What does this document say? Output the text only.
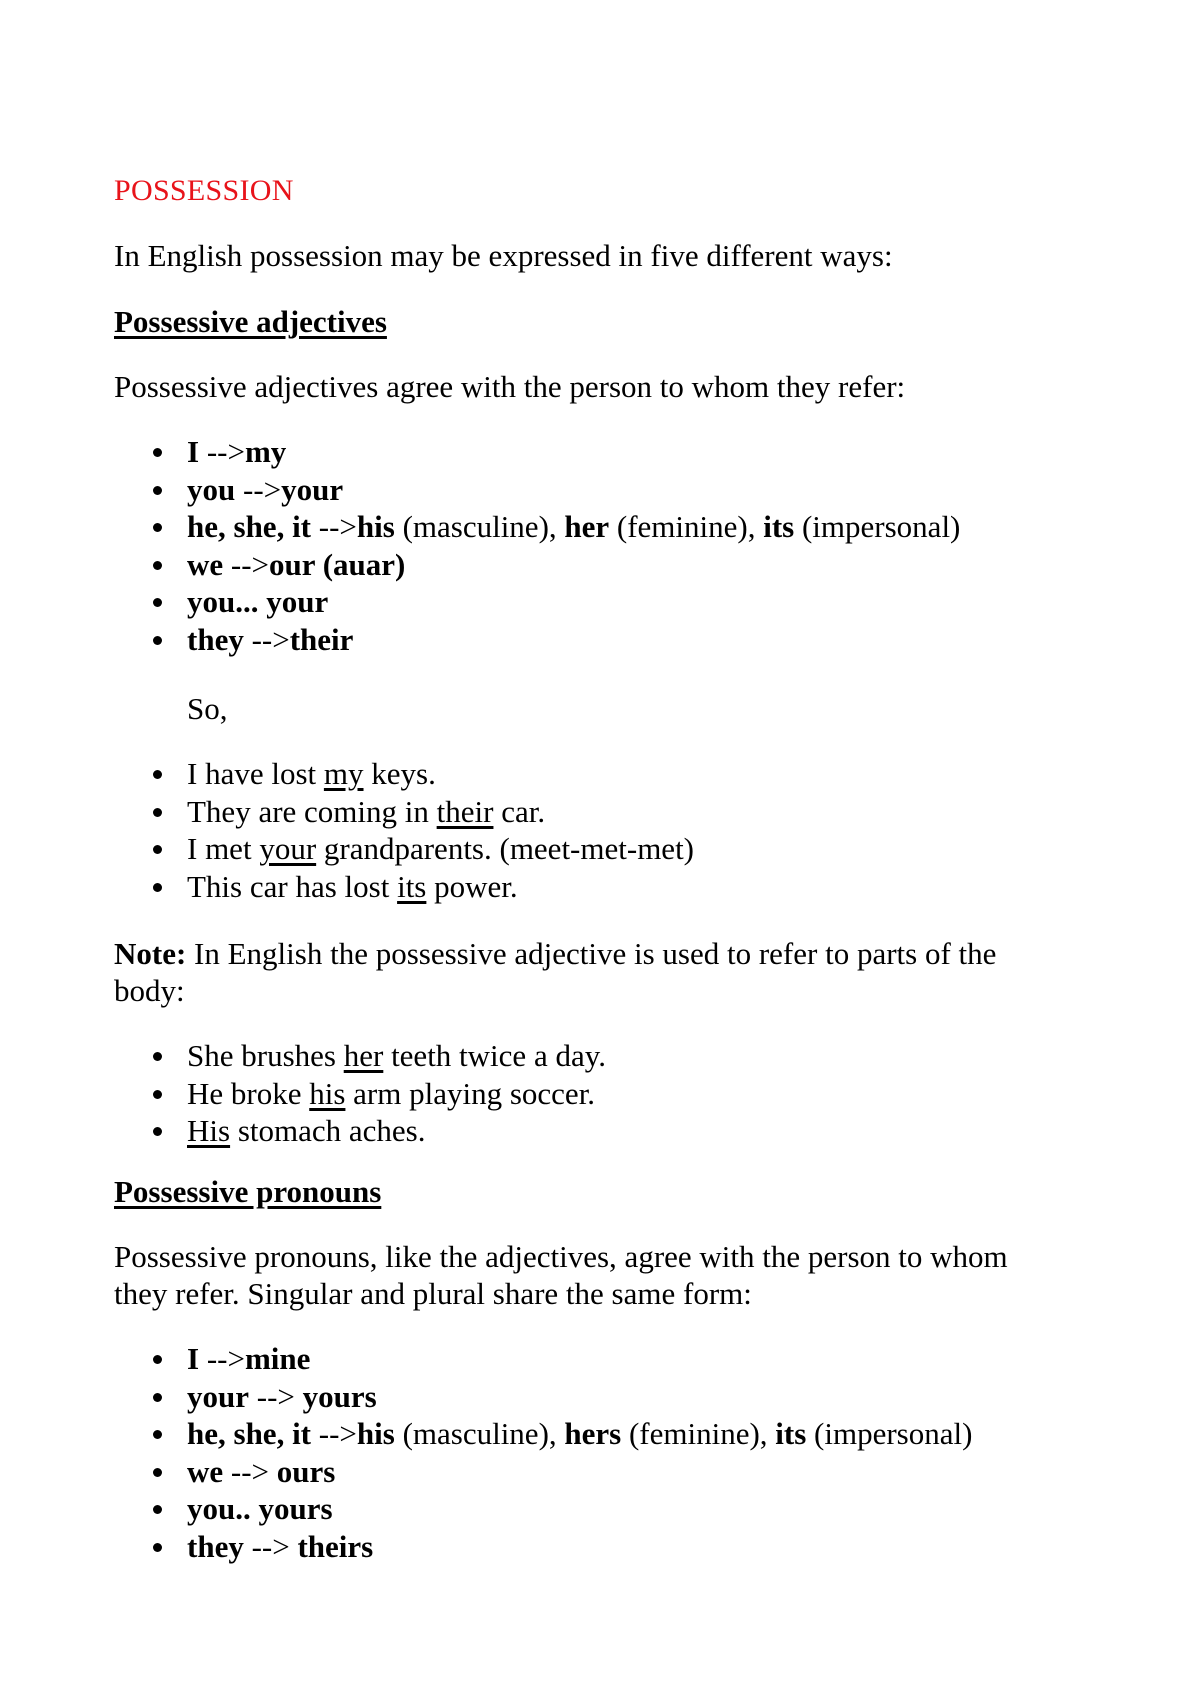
POSSESSION

In English possession may be expressed in five different ways:

Possessive adjectives

Possessive adjectives agree with the person to whom they refer:

I -->my
you -->your
he, she, it -->his (masculine), her (feminine), its (impersonal)
we -->our (auar)
you... your
they -->their

So,

I have lost my keys.
They are coming in their car.
I met your grandparents. (meet-met-met)
This car has lost its power.

Note: In English the possessive adjective is used to refer to parts of the

body:

She brushes her teeth twice a day.
He broke his arm playing soccer.
His stomach aches.

Possessive pronouns

Possessive pronouns, like the adjectives, agree with the person to whom

they refer. Singular and plural share the same form:

I -->mine
your --> yours
he, she, it -->his (masculine), hers (feminine), its (impersonal)
we --> ours
you.. yours
they --> theirs
